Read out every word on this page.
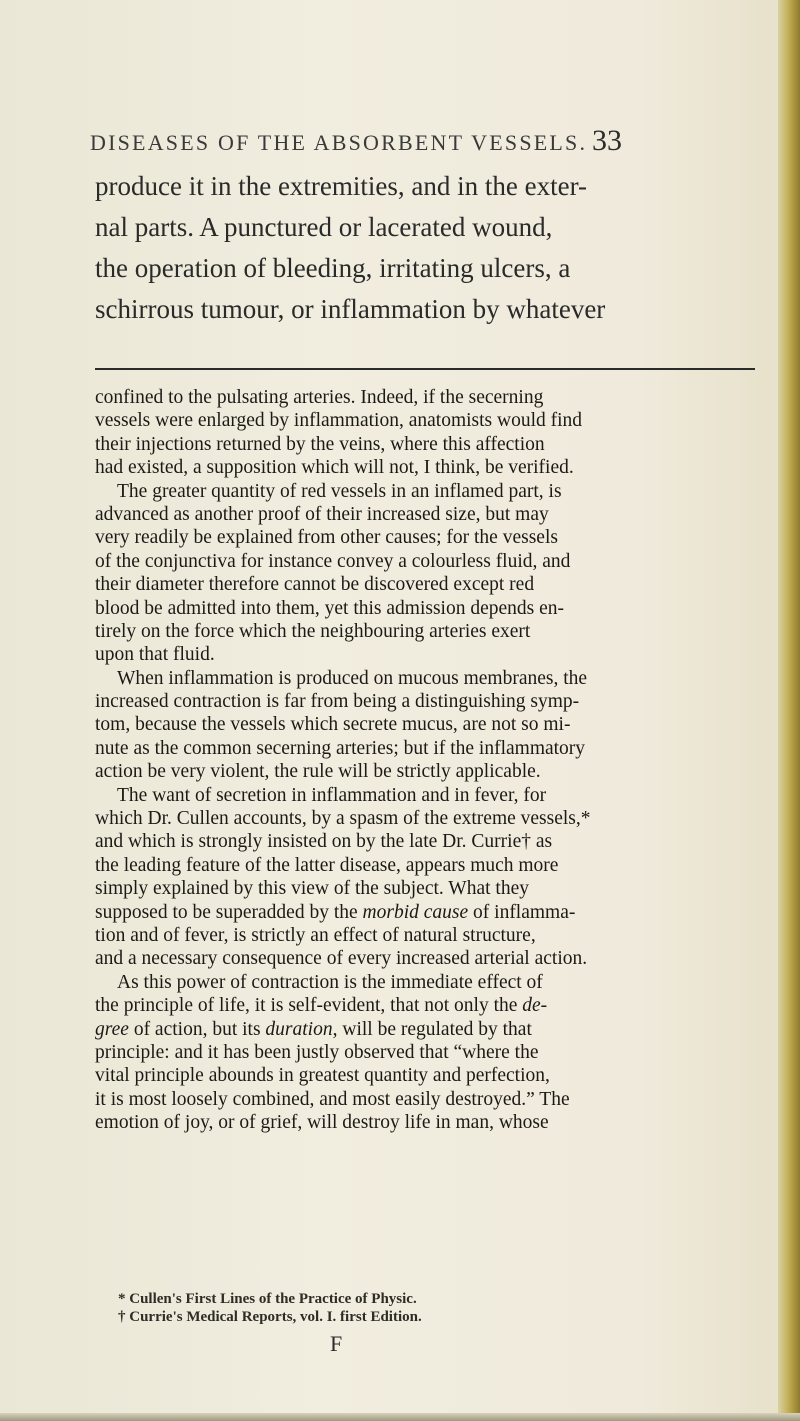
DISEASES OF THE ABSORBENT VESSELS. 33
produce it in the extremities, and in the exter-
nal parts. A punctured or lacerated wound,
the operation of bleeding, irritating ulcers, a
schirrous tumour, or inflammation by whatever
confined to the pulsating arteries. Indeed, if the secerning
vessels were enlarged by inflammation, anatomists would find
their injections returned by the veins, where this affection
had existed, a supposition which will not, I think, be verified.
The greater quantity of red vessels in an inflamed part, is
advanced as another proof of their increased size, but may
very readily be explained from other causes; for the vessels
of the conjunctiva for instance convey a colourless fluid, and
their diameter therefore cannot be discovered except red
blood be admitted into them, yet this admission depends en-
tirely on the force which the neighbouring arteries exert
upon that fluid.
When inflammation is produced on mucous membranes, the
increased contraction is far from being a distinguishing symp-
tom, because the vessels which secrete mucus, are not so mi-
nute as the common secerning arteries; but if the inflammatory
action be very violent, the rule will be strictly applicable.
The want of secretion in inflammation and in fever, for
which Dr. Cullen accounts, by a spasm of the extreme vessels,*
and which is strongly insisted on by the late Dr. Currie† as
the leading feature of the latter disease, appears much more
simply explained by this view of the subject. What they
supposed to be superadded by the morbid cause of inflamma-
tion and of fever, is strictly an effect of natural structure,
and a necessary consequence of every increased arterial action.
As this power of contraction is the immediate effect of
the principle of life, it is self-evident, that not only the de-
gree of action, but its duration, will be regulated by that
principle: and it has been justly observed that “where the
vital principle abounds in greatest quantity and perfection,
it is most loosely combined, and most easily destroyed.” The
emotion of joy, or of grief, will destroy life in man, whose
* Cullen's First Lines of the Practice of Physic.
† Currie's Medical Reports, vol. I. first Edition.
F
